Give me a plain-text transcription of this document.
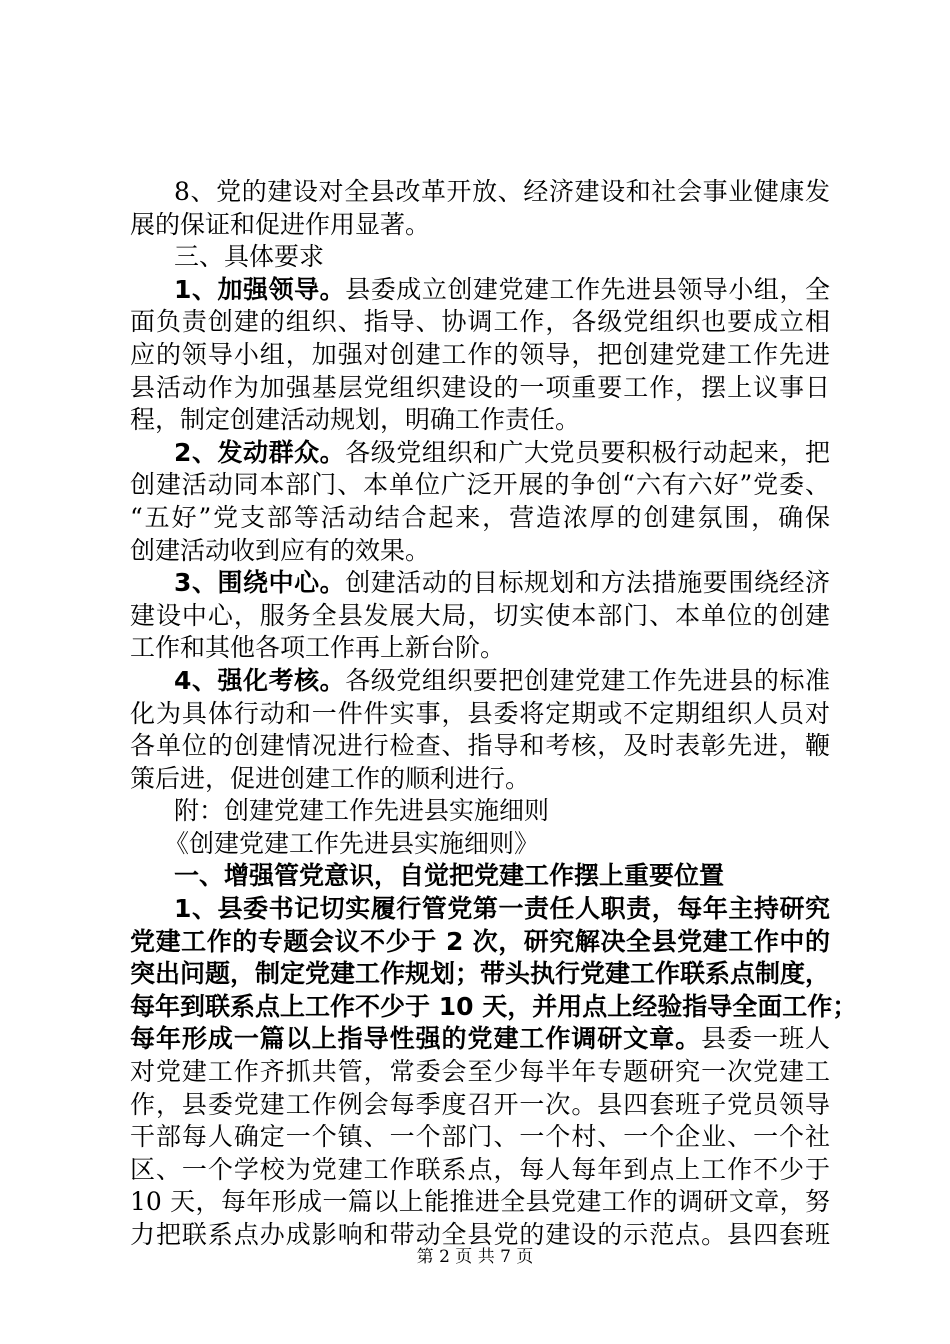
8、党的建设对全县改革开放、经济建设和社会事业健康发
展的保证和促进作用显著。
三、具体要求
1、加强领导。县委成立创建党建工作先进县领导小组，全
面负责创建的组织、指导、协调工作，各级党组织也要成立相
应的领导小组，加强对创建工作的领导，把创建党建工作先进
县活动作为加强基层党组织建设的一项重要工作，摆上议事日
程，制定创建活动规划，明确工作责任。
2、发动群众。各级党组织和广大党员要积极行动起来，把
创建活动同本部门、本单位广泛开展的争创“六有六好”党委、
“五好”党支部等活动结合起来，营造浓厚的创建氛围，确保
创建活动收到应有的效果。
3、围绕中心。创建活动的目标规划和方法措施要围绕经济
建设中心，服务全县发展大局，切实使本部门、本单位的创建
工作和其他各项工作再上新台阶。
4、强化考核。各级党组织要把创建党建工作先进县的标准
化为具体行动和一件件实事，县委将定期或不定期组织人员对
各单位的创建情况进行检查、指导和考核，及时表彰先进，鞭
策后进，促进创建工作的顺利进行。
附：创建党建工作先进县实施细则
《创建党建工作先进县实施细则》
一、增强管党意识，自觉把党建工作摆上重要位置
1、县委书记切实履行管党第一责任人职责，每年主持研究
党建工作的专题会议不少于 2 次，研究解决全县党建工作中的
突出问题，制定党建工作规划；带头执行党建工作联系点制度，
每年到联系点上工作不少于 10 天，并用点上经验指导全面工作；
每年形成一篇以上指导性强的党建工作调研文章。县委一班人
对党建工作齐抓共管，常委会至少每半年专题研究一次党建工
作，县委党建工作例会每季度召开一次。县四套班子党员领导
干部每人确定一个镇、一个部门、一个村、一个企业、一个社
区、一个学校为党建工作联系点，每人每年到点上工作不少于
10 天，每年形成一篇以上能推进全县党建工作的调研文章，努
力把联系点办成影响和带动全县党的建设的示范点。县四套班
第 2 页 共 7 页
